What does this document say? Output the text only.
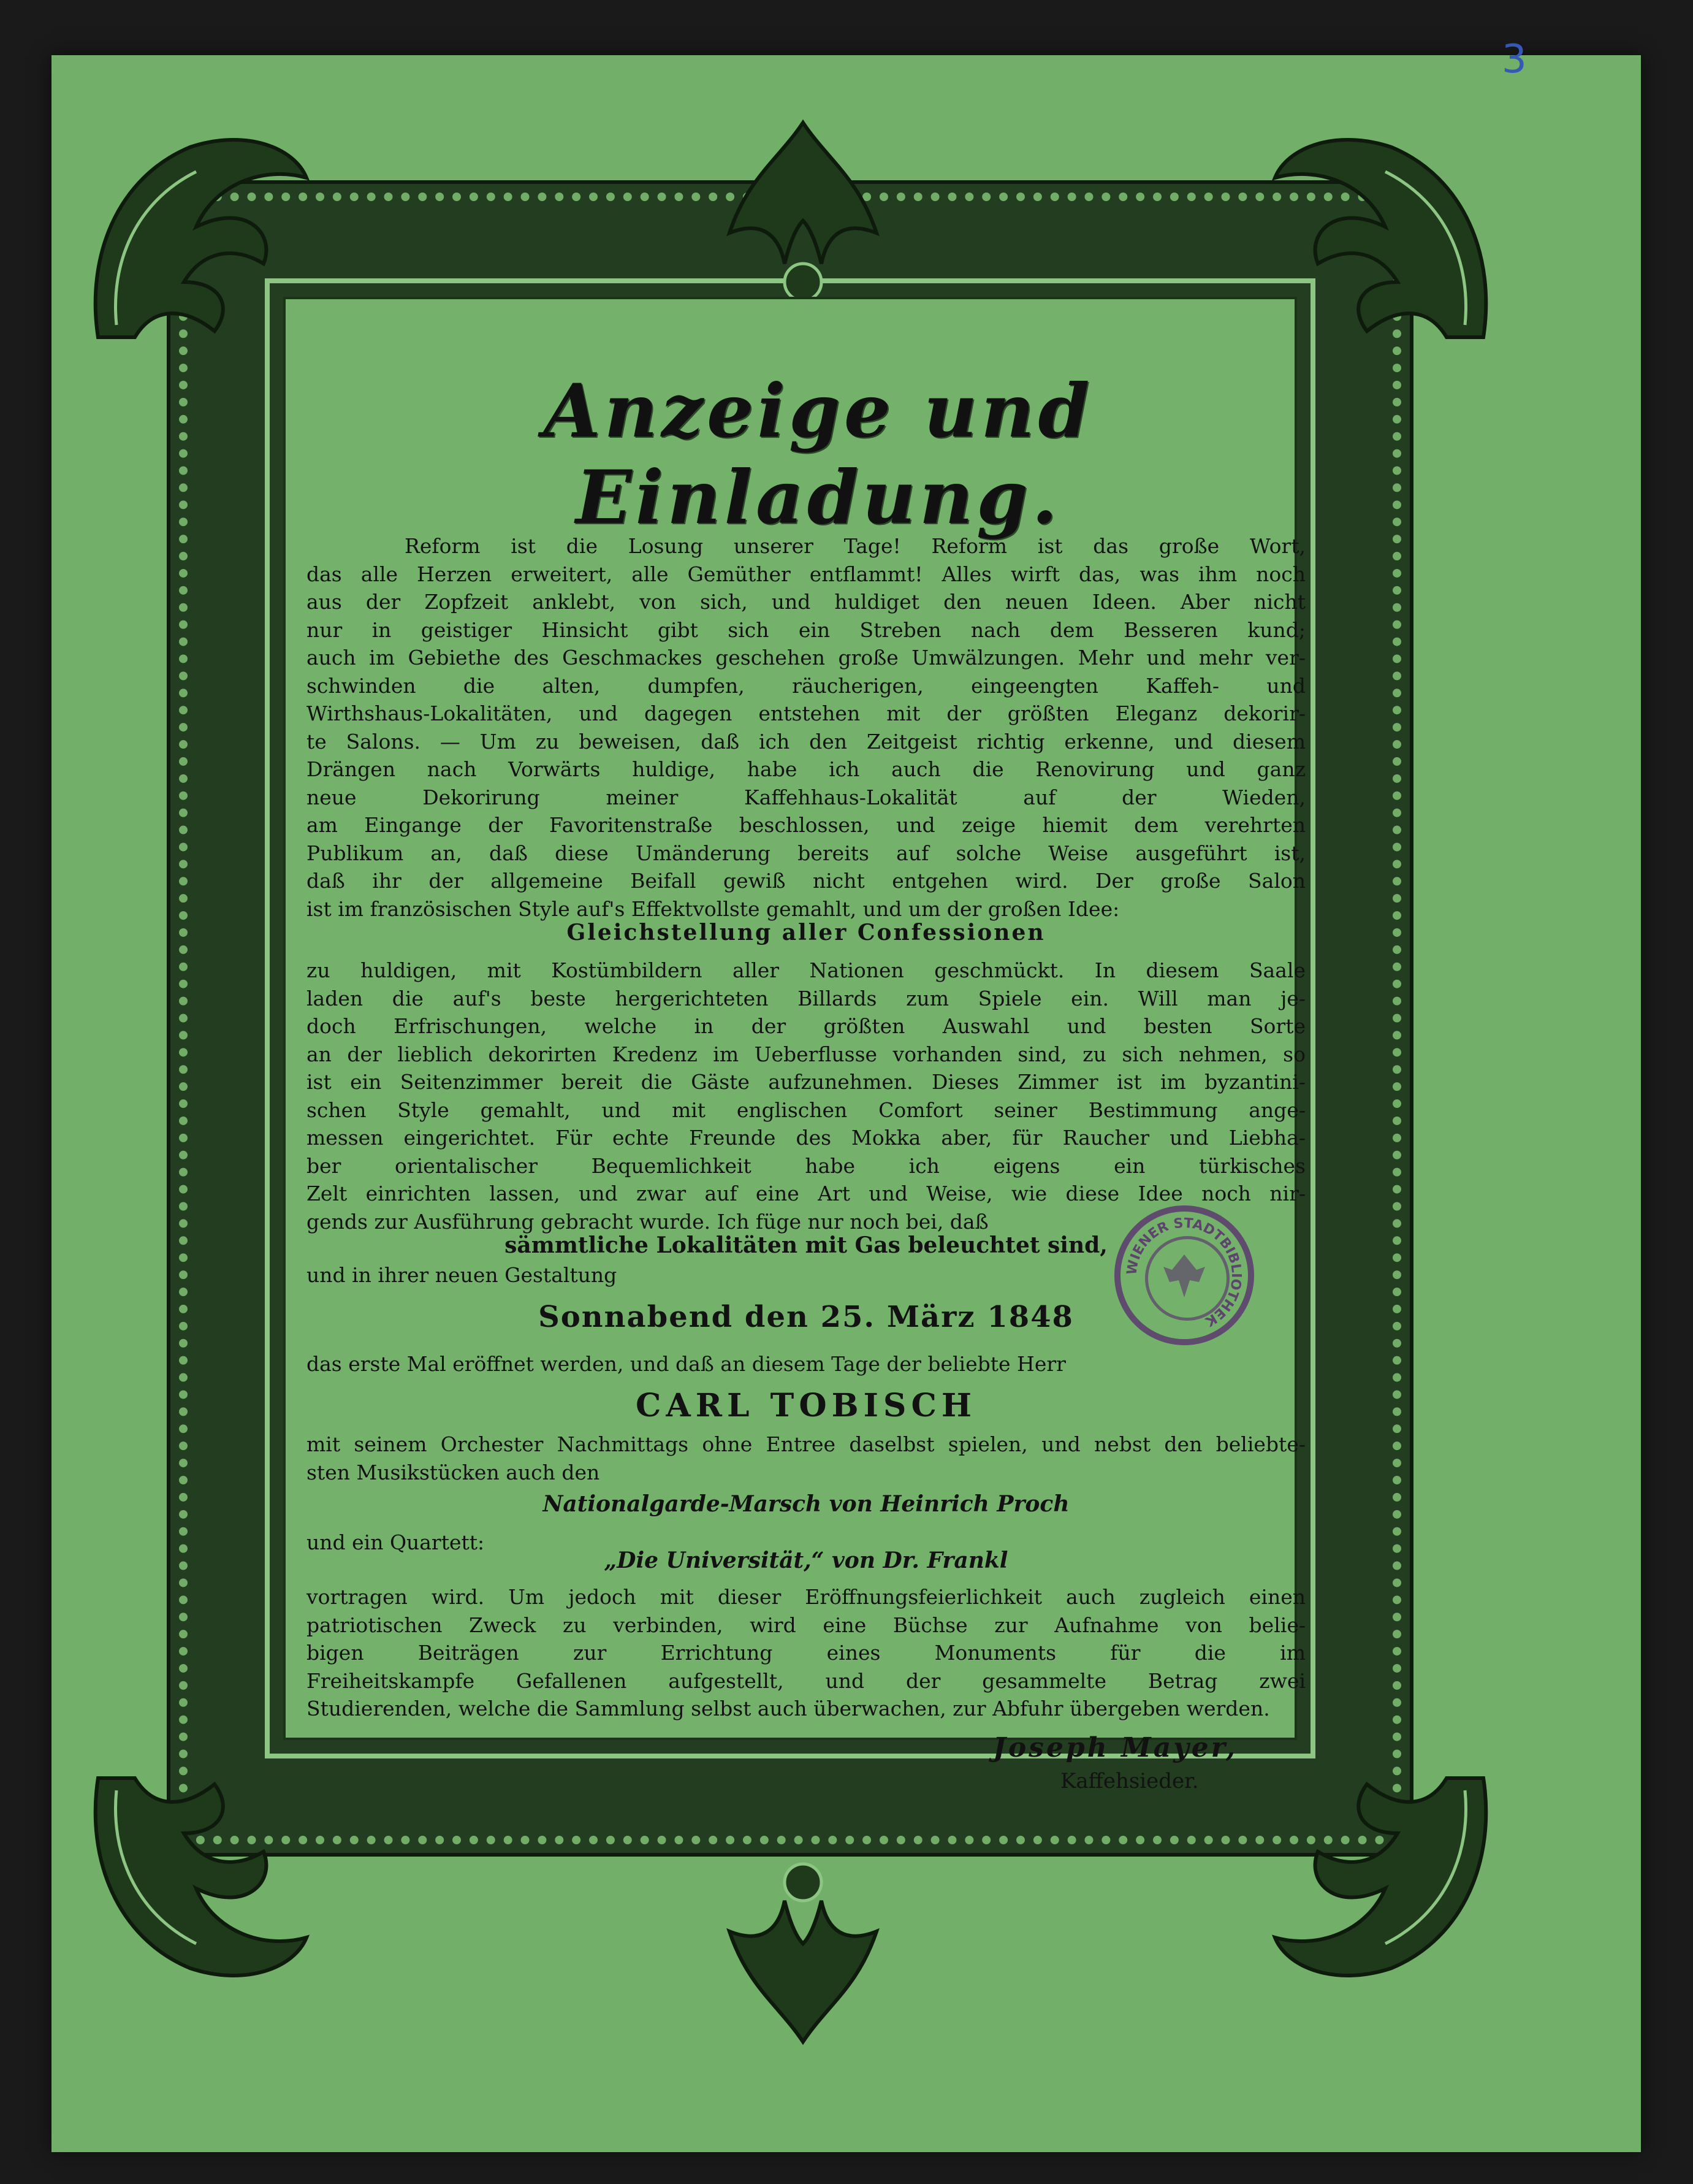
3
Anzeige und Einladung.
Reform ist die Losung unserer Tage! Reform ist das große Wort,
das alle Herzen erweitert, alle Gemüther entflammt! Alles wirft das, was ihm noch
aus der Zopfzeit anklebt, von sich, und huldiget den neuen Ideen. Aber nicht
nur in geistiger Hinsicht gibt sich ein Streben nach dem Besseren kund;
auch im Gebiethe des Geschmackes geschehen große Umwälzungen. Mehr und mehr ver-
schwinden die alten, dumpfen, räucherigen, eingeengten Kaffeh- und
Wirthshaus-Lokalitäten, und dagegen entstehen mit der größten Eleganz dekorir-
te Salons. — Um zu beweisen, daß ich den Zeitgeist richtig erkenne, und diesem
Drängen nach Vorwärts huldige, habe ich auch die Renovirung und ganz
neue Dekorirung meiner Kaffehhaus-Lokalität auf der Wieden,
am Eingange der Favoritenstraße beschlossen, und zeige hiemit dem verehrten
Publikum an, daß diese Umänderung bereits auf solche Weise ausgeführt ist,
daß ihr der allgemeine Beifall gewiß nicht entgehen wird. Der große Salon
ist im französischen Style auf's Effektvollste gemahlt, und um der großen Idee:
Gleichstellung aller Confessionen
zu huldigen, mit Kostümbildern aller Nationen geschmückt. In diesem Saale
laden die auf's beste hergerichteten Billards zum Spiele ein. Will man je-
doch Erfrischungen, welche in der größten Auswahl und besten Sorte
an der lieblich dekorirten Kredenz im Ueberflusse vorhanden sind, zu sich nehmen, so
ist ein Seitenzimmer bereit die Gäste aufzunehmen. Dieses Zimmer ist im byzantini-
schen Style gemahlt, und mit englischen Comfort seiner Bestimmung ange-
messen eingerichtet. Für echte Freunde des Mokka aber, für Raucher und Liebha-
ber orientalischer Bequemlichkeit habe ich eigens ein türkisches
Zelt einrichten lassen, und zwar auf eine Art und Weise, wie diese Idee noch nir-
gends zur Ausführung gebracht wurde. Ich füge nur noch bei, daß
sämmtliche Lokalitäten mit Gas beleuchtet sind,
und in ihrer neuen Gestaltung
Sonnabend den 25. März 1848
das erste Mal eröffnet werden, und daß an diesem Tage der beliebte Herr
CARL TOBISCH
mit seinem Orchester Nachmittags ohne Entree daselbst spielen, und nebst den beliebte-
sten Musikstücken auch den
Nationalgarde-Marsch von Heinrich Proch
und ein Quartett:
„Die Universität,“ von Dr. Frankl
vortragen wird. Um jedoch mit dieser Eröffnungsfeierlichkeit auch zugleich einen
patriotischen Zweck zu verbinden, wird eine Büchse zur Aufnahme von belie-
bigen Beiträgen zur Errichtung eines Monuments für die im
Freiheitskampfe Gefallenen aufgestellt, und der gesammelte Betrag zwei
Studierenden, welche die Sammlung selbst auch überwachen, zur Abfuhr übergeben werden.
Joseph Mayer,
Kaffehsieder.
WIENER STADTBIBLIOTHEK
